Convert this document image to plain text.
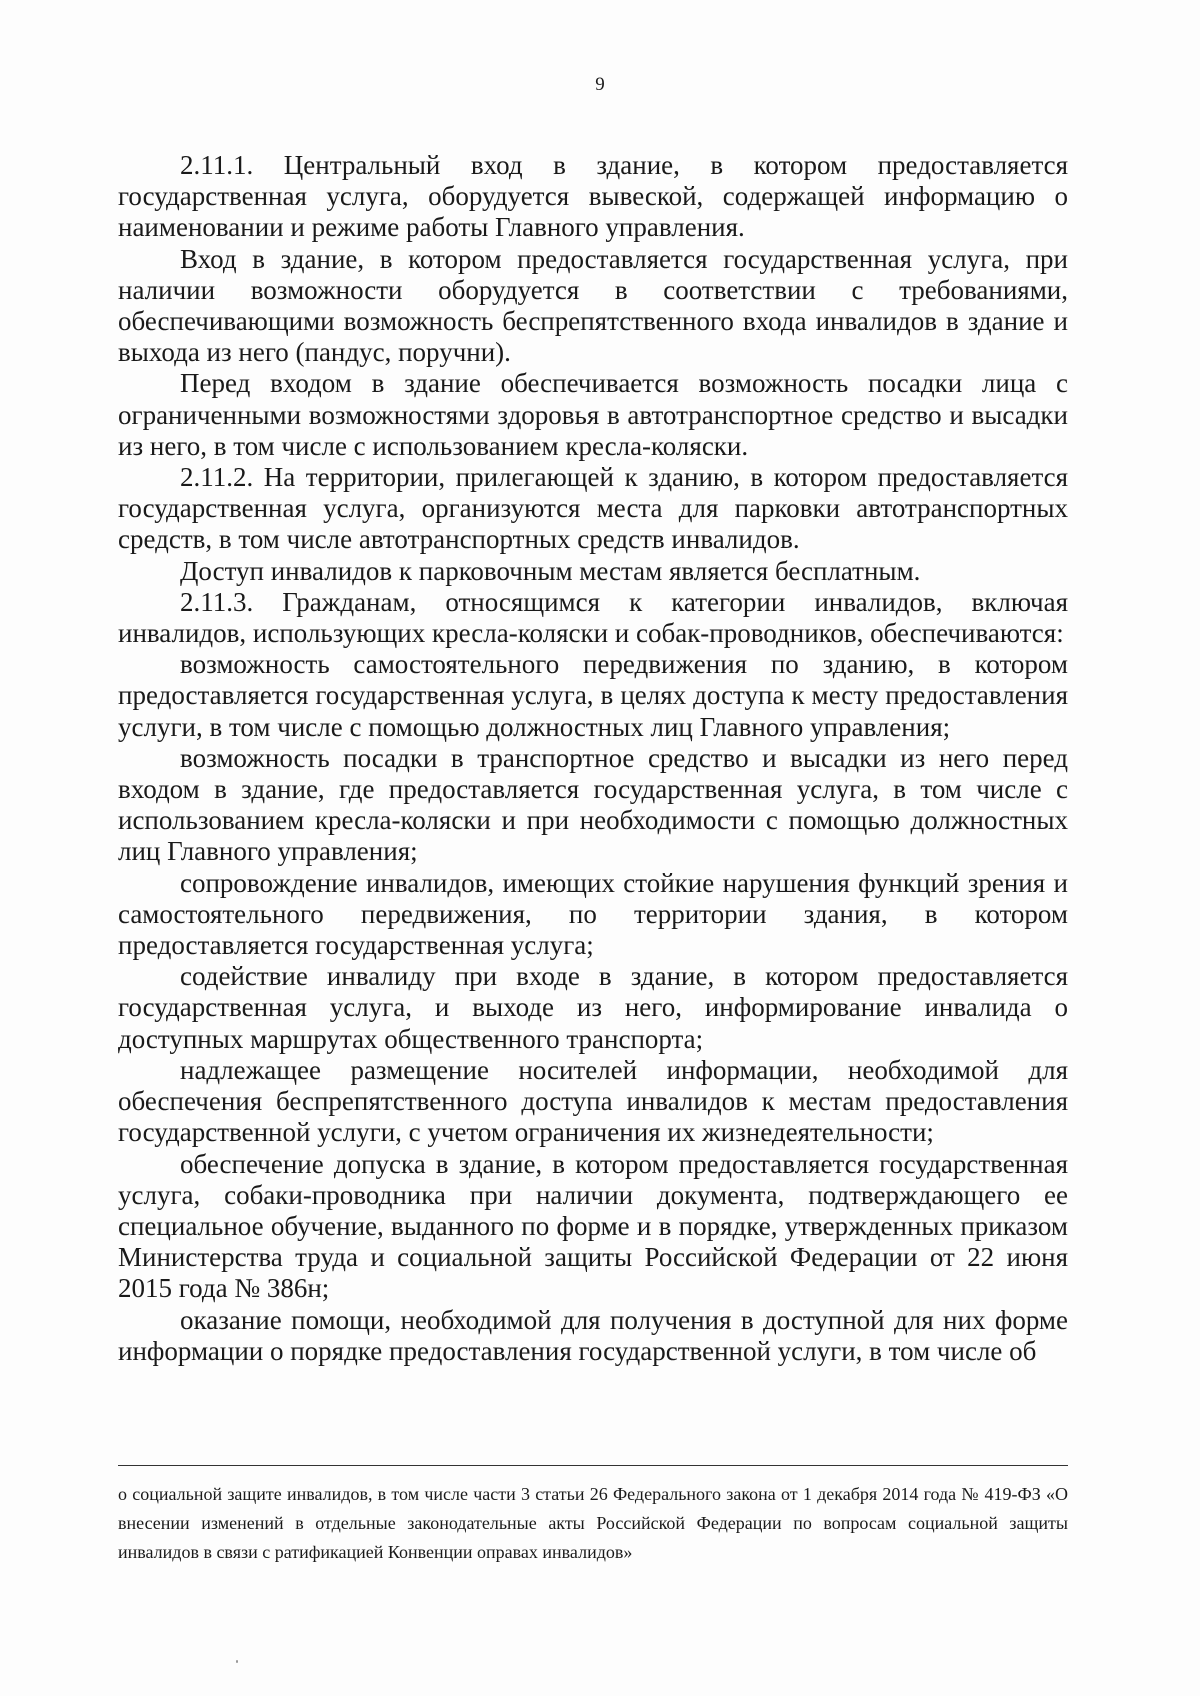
9

2.11.1. Центральный вход в здание, в котором предоставляется государственная услуга, оборудуется вывеской, содержащей информацию о наименовании и режиме работы Главного управления.

Вход в здание, в котором предоставляется государственная услуга, при наличии возможности оборудуется в соответствии с требованиями, обеспечивающими возможность беспрепятственного входа инвалидов в здание и выхода из него (пандус, поручни).

Перед входом в здание обеспечивается возможность посадки лица с ограниченными возможностями здоровья в автотранспортное средство и высадки из него, в том числе с использованием кресла-коляски.

2.11.2. На территории, прилегающей к зданию, в котором предоставляется государственная услуга, организуются места для парковки автотранспортных средств, в том числе автотранспортных средств инвалидов.

Доступ инвалидов к парковочным местам является бесплатным.

2.11.3. Гражданам, относящимся к категории инвалидов, включая инвалидов, использующих кресла-коляски и собак-проводников, обеспечиваются:

возможность самостоятельного передвижения по зданию, в котором предоставляется государственная услуга, в целях доступа к месту предоставления услуги, в том числе с помощью должностных лиц Главного управления;

возможность посадки в транспортное средство и высадки из него перед входом в здание, где предоставляется государственная услуга, в том числе с использованием кресла-коляски и при необходимости с помощью должностных лиц Главного управления;

сопровождение инвалидов, имеющих стойкие нарушения функций зрения и самостоятельного передвижения, по территории здания, в котором предоставляется государственная услуга;

содействие инвалиду при входе в здание, в котором предоставляется государственная услуга, и выходе из него, информирование инвалида о доступных маршрутах общественного транспорта;

надлежащее размещение носителей информации, необходимой для обеспечения беспрепятственного доступа инвалидов к местам предоставления государственной услуги, с учетом ограничения их жизнедеятельности;

обеспечение допуска в здание, в котором предоставляется государственная услуга, собаки-проводника при наличии документа, подтверждающего ее специальное обучение, выданного по форме и в порядке, утвержденных приказом Министерства труда и социальной защиты Российской Федерации от 22 июня 2015 года № 386н;

оказание помощи, необходимой для получения в доступной для них форме информации о порядке предоставления государственной услуги, в том числе об

о социальной защите инвалидов, в том числе части 3 статьи 26 Федерального закона от 1 декабря 2014 года № 419-ФЗ «О внесении изменений в отдельные законодательные акты Российской Федерации по вопросам социальной защиты инвалидов в связи с ратификацией Конвенции оправах инвалидов»
